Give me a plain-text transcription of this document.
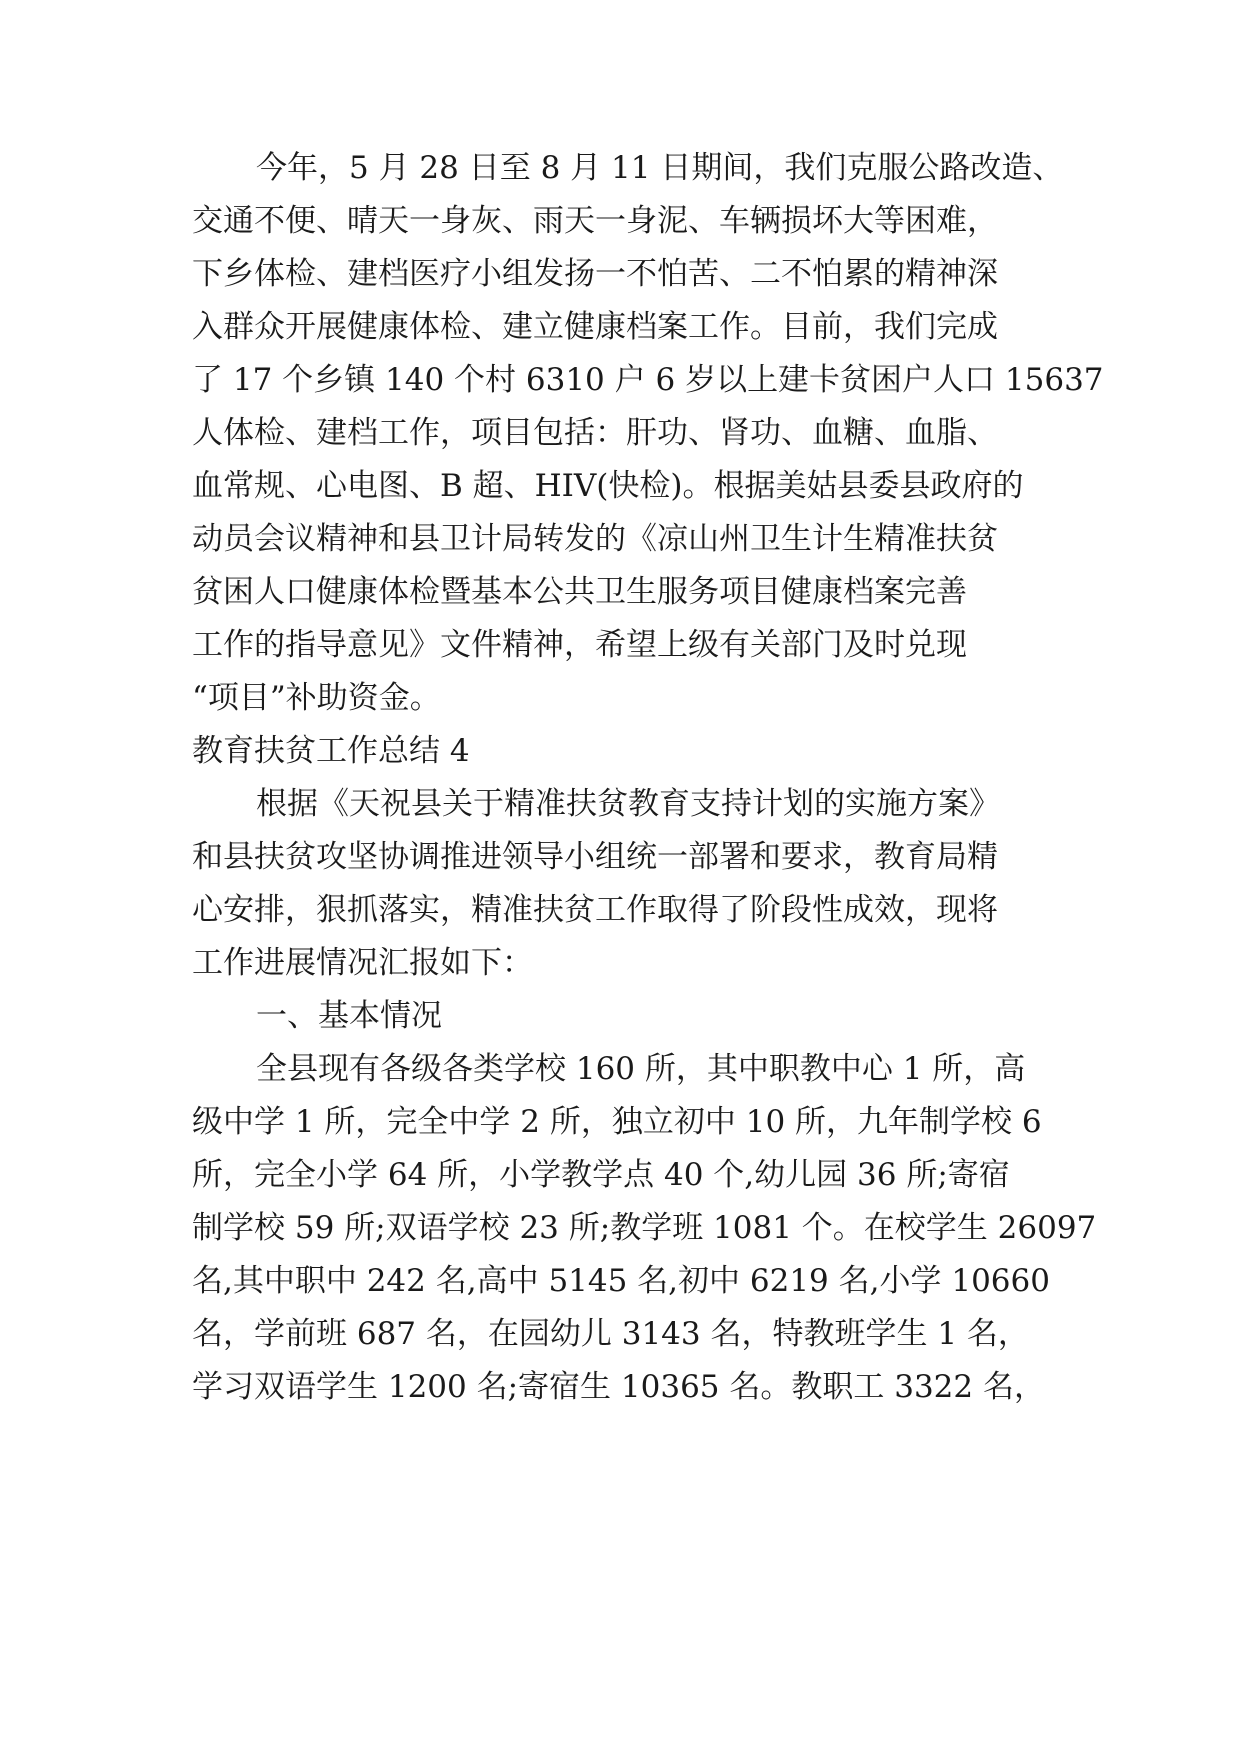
今年，5 月 28 日至 8 月 11 日期间，我们克服公路改造、

交通不便、晴天一身灰、雨天一身泥、车辆损坏大等困难，

下乡体检、建档医疗小组发扬一不怕苦、二不怕累的精神深

入群众开展健康体检、建立健康档案工作。目前，我们完成

了 17 个乡镇 140 个村 6310 户 6 岁以上建卡贫困户人口 15637

人体检、建档工作，项目包括：肝功、肾功、血糖、血脂、

血常规、心电图、B 超、HIV(快检)。根据美姑县委县政府的

动员会议精神和县卫计局转发的《凉山州卫生计生精准扶贫

贫困人口健康体检暨基本公共卫生服务项目健康档案完善

工作的指导意见》文件精神，希望上级有关部门及时兑现

“项目”补助资金。

教育扶贫工作总结 4

根据《天祝县关于精准扶贫教育支持计划的实施方案》

和县扶贫攻坚协调推进领导小组统一部署和要求，教育局精

心安排，狠抓落实，精准扶贫工作取得了阶段性成效，现将

工作进展情况汇报如下：

一、基本情况

全县现有各级各类学校 160 所，其中职教中心 1 所，高

级中学 1 所，完全中学 2 所，独立初中 10 所，九年制学校 6

所，完全小学 64 所，小学教学点 40 个,幼儿园 36 所;寄宿

制学校 59 所;双语学校 23 所;教学班 1081 个。在校学生 26097

名,其中职中 242 名,高中 5145 名,初中 6219 名,小学 10660

名，学前班 687 名，在园幼儿 3143 名，特教班学生 1 名，

学习双语学生 1200 名;寄宿生 10365 名。教职工 3322 名，
